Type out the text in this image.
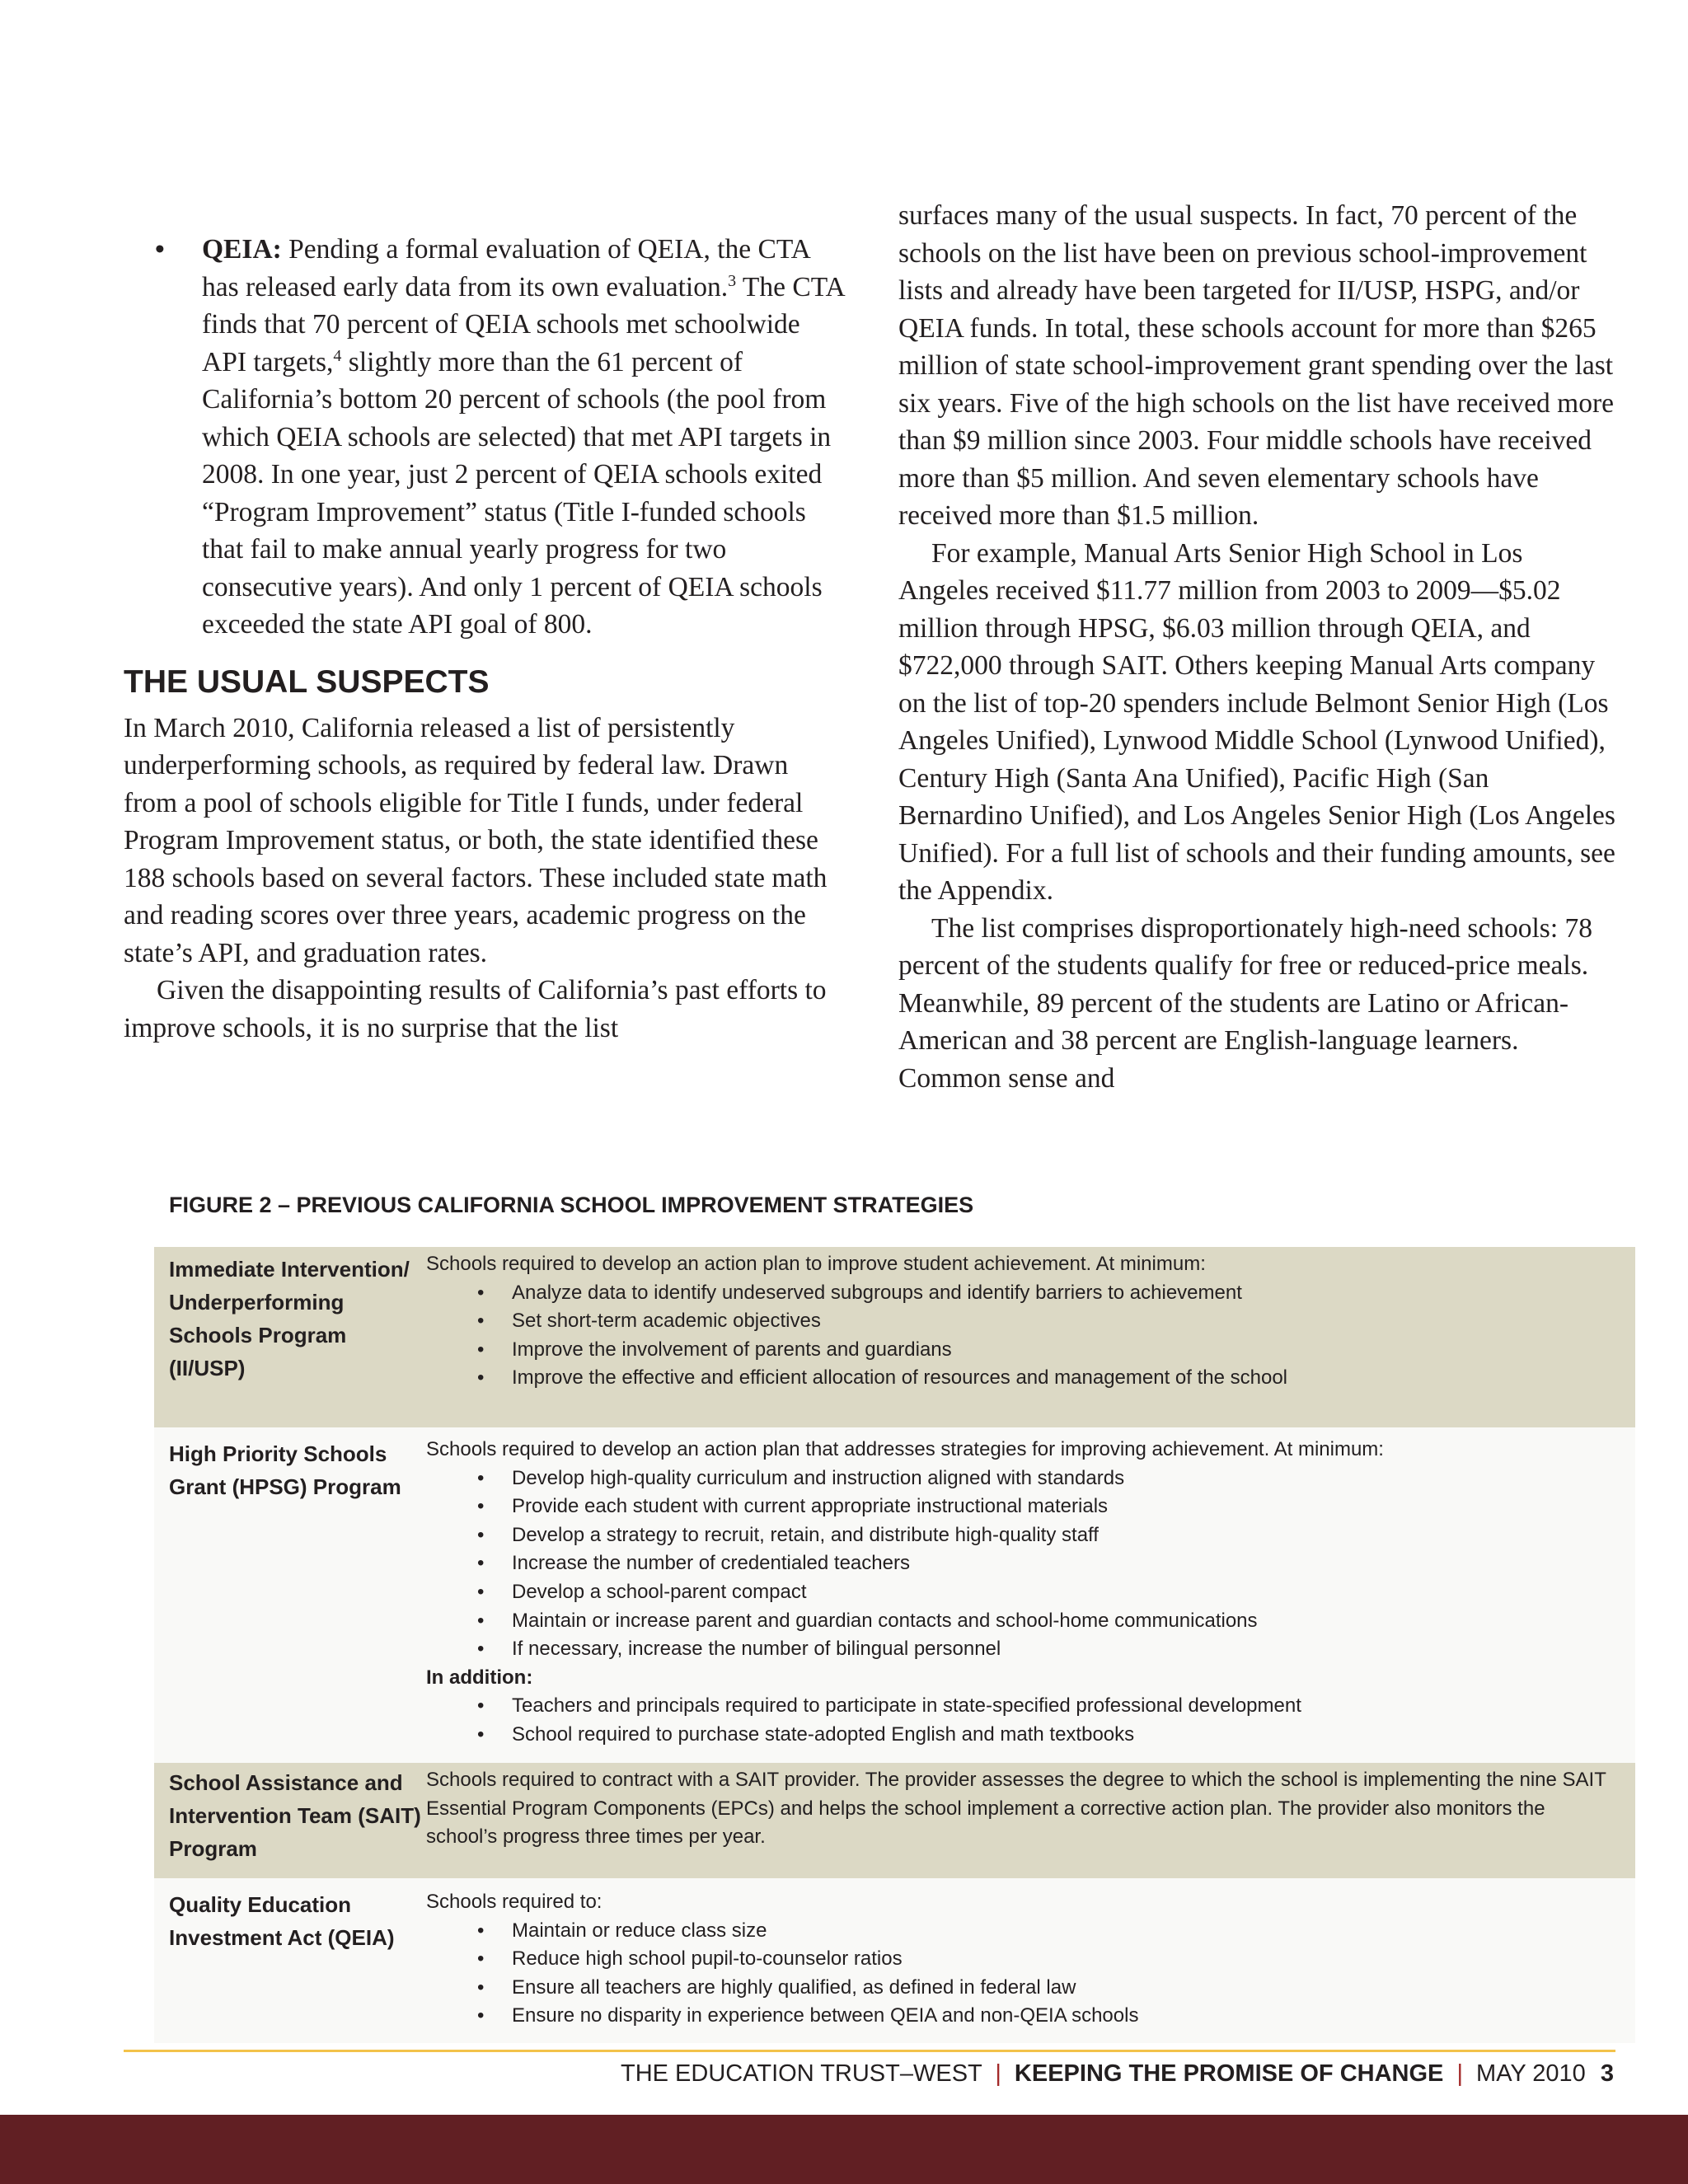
• QEIA: Pending a formal evaluation of QEIA, the CTA has released early data from its own evaluation.$^3$ The CTA finds that 70 percent of QEIA schools met schoolwide API targets,$^4$ slightly more than the 61 percent of California’s bottom 20 percent of schools (the pool from which QEIA schools are selected) that met API targets in 2008. In one year, just 2 percent of QEIA schools exited “Program Improvement” status (Title I-funded schools that fail to make annual yearly progress for two consecutive years). And only 1 percent of QEIA schools exceeded the state API goal of 800.

THE USUAL SUSPECTS

In March 2010, California released a list of persistently underperforming schools, as required by federal law. Drawn from a pool of schools eligible for Title I funds, under federal Program Improvement status, or both, the state identified these 188 schools based on several factors. These included state math and reading scores over three years, academic progress on the state’s API, and graduation rates.

Given the disappointing results of California’s past efforts to improve schools, it is no surprise that the list

surfaces many of the usual suspects. In fact, 70 percent of the schools on the list have been on previous school-improvement lists and already have been targeted for II/USP, HSPG, and/or QEIA funds. In total, these schools account for more than $265 million of state school-improvement grant spending over the last six years. Five of the high schools on the list have received more than $9 million since 2003. Four middle schools have received more than $5 million. And seven elementary schools have received more than $1.5 million.

For example, Manual Arts Senior High School in Los Angeles received $11.77 million from 2003 to 2009—$5.02 million through HPSG, $6.03 million through QEIA, and $722,000 through SAIT. Others keeping Manual Arts company on the list of top-20 spenders include Belmont Senior High (Los Angeles Unified), Lynwood Middle School (Lynwood Unified), Century High (Santa Ana Unified), Pacific High (San Bernardino Unified), and Los Angeles Senior High (Los Angeles Unified). For a full list of schools and their funding amounts, see the Appendix.

The list comprises disproportionately high-need schools: 78 percent of the students qualify for free or reduced-price meals. Meanwhile, 89 percent of the students are Latino or African-American and 38 percent are English-language learners. Common sense and

FIGURE 2 – PREVIOUS CALIFORNIA SCHOOL IMPROVEMENT STRATEGIES
Immediate Intervention/ Underperforming Schools Program (II/USP)
Schools required to develop an action plan to improve student achievement. At minimum:
• Analyze data to identify undeserved subgroups and identify barriers to achievement
• Set short-term academic objectives
• Improve the involvement of parents and guardians
• Improve the effective and efficient allocation of resources and management of the school
High Priority Schools Grant (HPSG) Program
Schools required to develop an action plan that addresses strategies for improving achievement. At minimum:
• Develop high-quality curriculum and instruction aligned with standards
• Provide each student with current appropriate instructional materials
• Develop a strategy to recruit, retain, and distribute high-quality staff
• Increase the number of credentialed teachers
• Develop a school-parent compact
• Maintain or increase parent and guardian contacts and school-home communications
• If necessary, increase the number of bilingual personnel
In addition:
• Teachers and principals required to participate in state-specified professional development
• School required to purchase state-adopted English and math textbooks
School Assistance and Intervention Team (SAIT) Program
Schools required to contract with a SAIT provider. The provider assesses the degree to which the school is implementing the nine SAIT Essential Program Components (EPCs) and helps the school implement a corrective action plan. The provider also monitors the school’s progress three times per year.
Quality Education Investment Act (QEIA)
Schools required to:
• Maintain or reduce class size
• Reduce high school pupil-to-counselor ratios
• Ensure all teachers are highly qualified, as defined in federal law
• Ensure no disparity in experience between QEIA and non-QEIA schools
THE EDUCATION TRUST–WEST | KEEPING THE PROMISE OF CHANGE | MAY 2010 3
